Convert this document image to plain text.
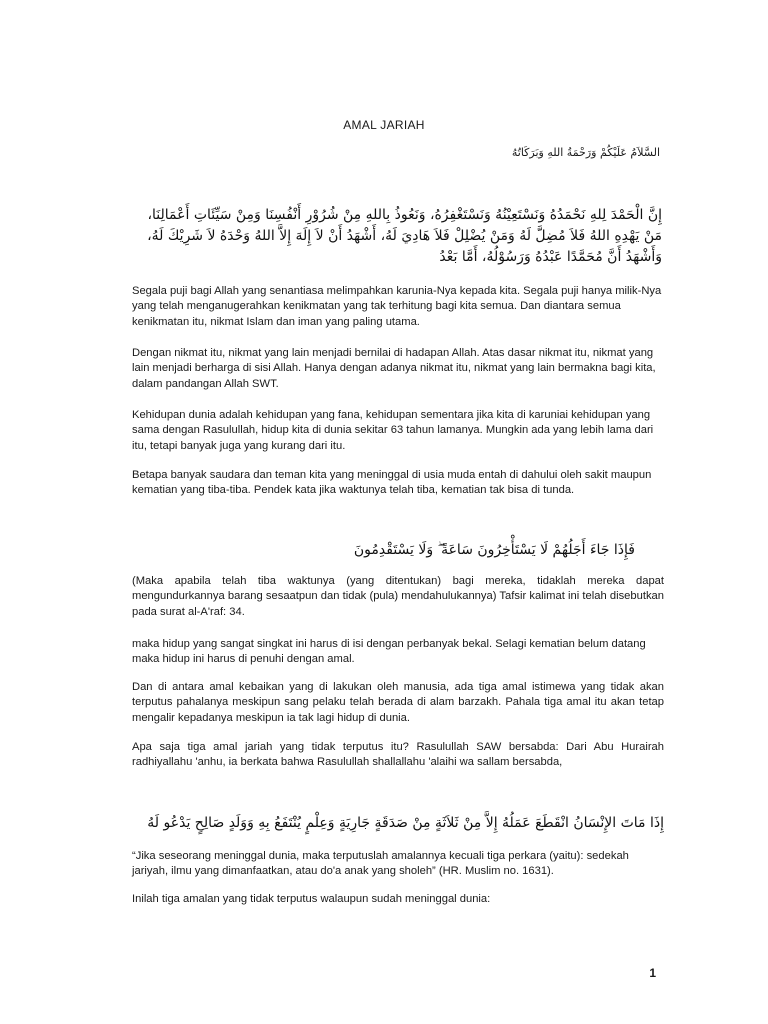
AMAL JARIAH
السَّلاَمُ عَلَيْكُمْ وَرَحْمَةُ اللهِ وَبَرَكَاتُهُ
إِنَّ الْحَمْدَ لِلهِ نَحْمَدُهُ وَنَسْتَعِيْنُهُ وَنَسْتَغْفِرُهُ، وَنَعُوذُ بِاللهِ مِنْ شُرُوْرِ أَنْفُسِنَا وَمِنْ سَيِّئَاتِ أَعْمَالِنَا، مَنْ يَهْدِهِ اللهُ فَلاَ مُضِلَّ لَهُ وَمَنْ يُضْلِلْ فَلاَ هَادِيَ لَهُ، أَشْهَدُ أَنْ لاَ إِلَهَ إِلاَّ اللهُ وَحْدَهُ لاَ شَرِيْكَ لَهُ، وَأَشْهَدُ أَنَّ مُحَمَّدًا عَبْدُهُ وَرَسُوْلُهُ، أَمَّا بَعْدُ

Segala puji bagi Allah yang senantiasa melimpahkan karunia-Nya kepada kita. Segala puji hanya milik-Nya yang telah menganugerahkan kenikmatan yang tak terhitung bagi kita semua. Dan diantara semua kenikmatan itu, nikmat Islam dan iman yang paling utama.

Dengan nikmat itu, nikmat yang lain menjadi bernilai di hadapan Allah. Atas dasar nikmat itu, nikmat yang lain menjadi berharga di sisi Allah. Hanya dengan adanya nikmat itu, nikmat yang lain bermakna bagi kita, dalam pandangan Allah SWT.

Kehidupan dunia adalah kehidupan yang fana, kehidupan sementara jika kita di karuniai kehidupan yang sama dengan Rasulullah, hidup kita di dunia sekitar 63 tahun lamanya. Mungkin ada yang lebih lama dari itu, tetapi banyak juga yang kurang dari itu.

Betapa banyak saudara dan teman kita yang meninggal di usia muda entah di dahului oleh sakit maupun kematian yang tiba-tiba. Pendek kata jika waktunya telah tiba, kematian tak bisa di tunda.

فَإِذَا جَاءَ أَجَلُهُمْ لَا يَسْتَأْخِرُونَ سَاعَةً ۖ وَلَا يَسْتَقْدِمُونَ

(Maka apabila telah tiba waktunya (yang ditentukan) bagi mereka, tidaklah mereka dapat mengundurkannya barang sesaatpun dan tidak (pula) mendahulukannya) Tafsir kalimat ini telah disebutkan pada surat al-A'raf: 34.

maka hidup yang sangat singkat ini harus di isi dengan perbanyak bekal. Selagi kematian belum datang maka hidup ini harus di penuhi dengan amal.

Dan di antara amal kebaikan yang di lakukan oleh manusia, ada tiga amal istimewa yang tidak akan terputus pahalanya meskipun sang pelaku telah berada di alam barzakh. Pahala tiga amal itu akan tetap mengalir kepadanya meskipun ia tak lagi hidup di dunia.

Apa saja tiga amal jariah yang tidak terputus itu? Rasulullah SAW bersabda: Dari Abu Hurairah radhiyallahu 'anhu, ia berkata bahwa Rasulullah shallallahu 'alaihi wa sallam bersabda,

إِذَا مَاتَ الإِنْسَانُ انْقَطَعَ عَمَلُهُ إِلاَّ مِنْ ثَلاَثَةٍ مِنْ صَدَقَةٍ جَارِيَةٍ وَعِلْمٍ يُنْتَفَعُ بِهِ وَوَلَدٍ صَالِحٍ يَدْعُو لَهُ

“Jika seseorang meninggal dunia, maka terputuslah amalannya kecuali tiga perkara (yaitu): sedekah jariyah, ilmu yang dimanfaatkan, atau do'a anak yang sholeh” (HR. Muslim no. 1631).

Inilah tiga amalan yang tidak terputus walaupun sudah meninggal dunia:

1
